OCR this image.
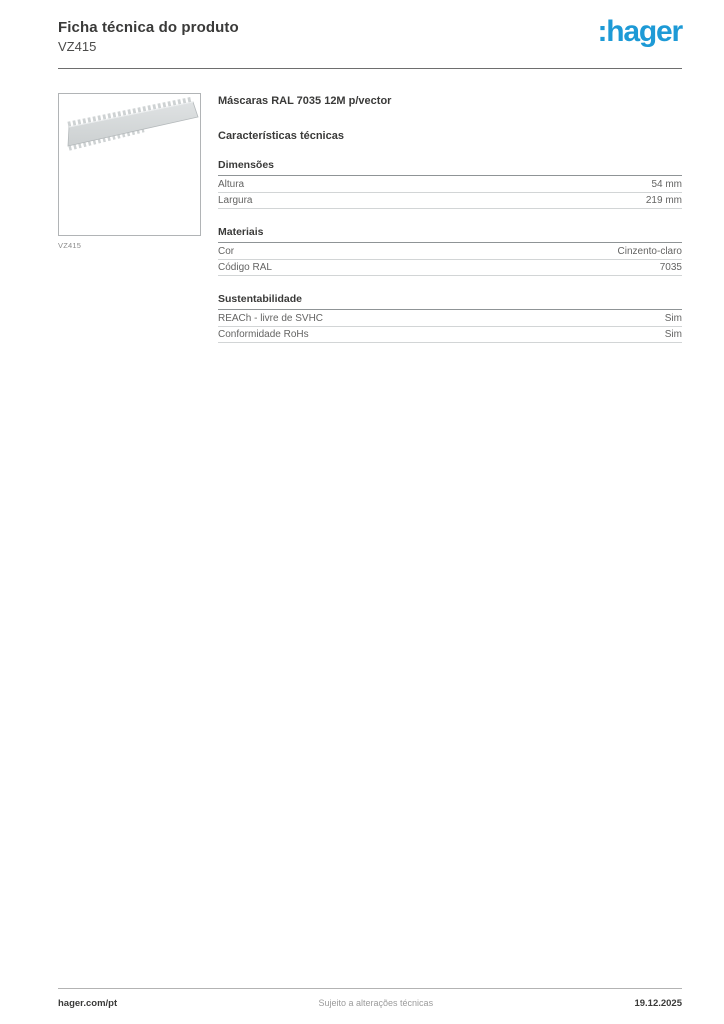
Ficha técnica do produto
VZ415	:hager
VZ415
Máscaras RAL 7035 12M p/vector
Características técnicas
Dimensões
Altura	54 mm
Largura	219 mm
Materiais
Cor	Cinzento-claro
Código RAL	7035
Sustentabilidade
REACh - livre de SVHC	Sim
Conformidade RoHs	Sim
hager.com/pt	Sujeito a alterações técnicas	19.12.2025
